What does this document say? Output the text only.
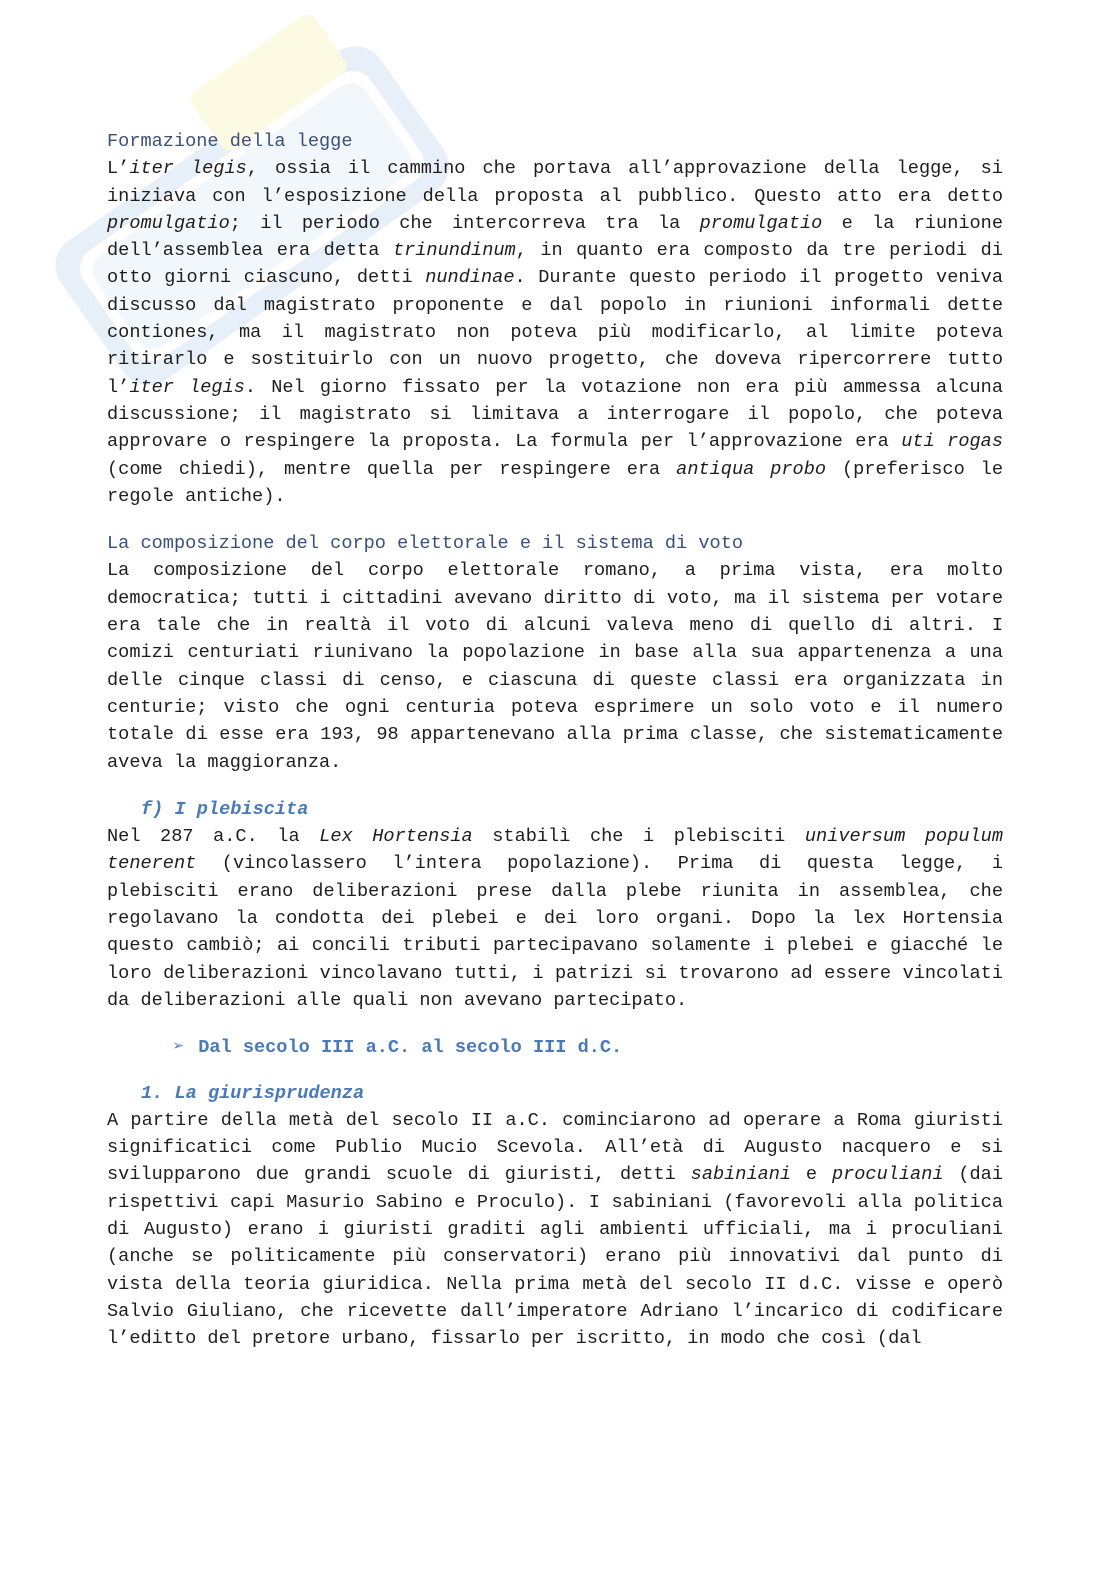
Formazione della legge

L’iter legis, ossia il cammino che portava all’approvazione della legge, si iniziava con l’esposizione della proposta al pubblico. Questo atto era detto promulgatio; il periodo che intercorreva tra la promulgatio e la riunione dell’assemblea era detta trinundinum, in quanto era composto da tre periodi di otto giorni ciascuno, detti nundinae. Durante questo periodo il progetto veniva discusso dal magistrato proponente e dal popolo in riunioni informali dette contiones, ma il magistrato non poteva più modificarlo, al limite poteva ritirarlo e sostituirlo con un nuovo progetto, che doveva ripercorrere tutto l’iter legis. Nel giorno fissato per la votazione non era più ammessa alcuna discussione; il magistrato si limitava a interrogare il popolo, che poteva approvare o respingere la proposta. La formula per l’approvazione era uti rogas (come chiedi), mentre quella per respingere era antiqua probo (preferisco le regole antiche).

La composizione del corpo elettorale e il sistema di voto

La composizione del corpo elettorale romano, a prima vista, era molto democratica; tutti i cittadini avevano diritto di voto, ma il sistema per votare era tale che in realtà il voto di alcuni valeva meno di quello di altri. I comizi centuriati riunivano la popolazione in base alla sua appartenenza a una delle cinque classi di censo, e ciascuna di queste classi era organizzata in centurie; visto che ogni centuria poteva esprimere un solo voto e il numero totale di esse era 193, 98 appartenevano alla prima classe, che sistematicamente aveva la maggioranza.

f) I plebiscita

Nel 287 a.C. la Lex Hortensia stabilì che i plebisciti universum populum tenerent (vincolassero l’intera popolazione). Prima di questa legge, i plebisciti erano deliberazioni prese dalla plebe riunita in assemblea, che regolavano la condotta dei plebei e dei loro organi. Dopo la lex Hortensia questo cambiò; ai concili tributi partecipavano solamente i plebei e giacché le loro deliberazioni vincolavano tutti, i patrizi si trovarono ad essere vincolati da deliberazioni alle quali non avevano partecipato.

➢ Dal secolo III a.C. al secolo III d.C.
1. La giurisprudenza

A partire della metà del secolo II a.C. cominciarono ad operare a Roma giuristi significatici come Publio Mucio Scevola. All’età di Augusto nacquero e si svilupparono due grandi scuole di giuristi, detti sabiniani e proculiani (dai rispettivi capi Masurio Sabino e Proculo). I sabiniani (favorevoli alla politica di Augusto) erano i giuristi graditi agli ambienti ufficiali, ma i proculiani (anche se politicamente più conservatori) erano più innovativi dal punto di vista della teoria giuridica. Nella prima metà del secolo II d.C. visse e operò Salvio Giuliano, che ricevette dall’imperatore Adriano l’incarico di codificare l’editto del pretore urbano, fissarlo per iscritto, in modo che così (dal
